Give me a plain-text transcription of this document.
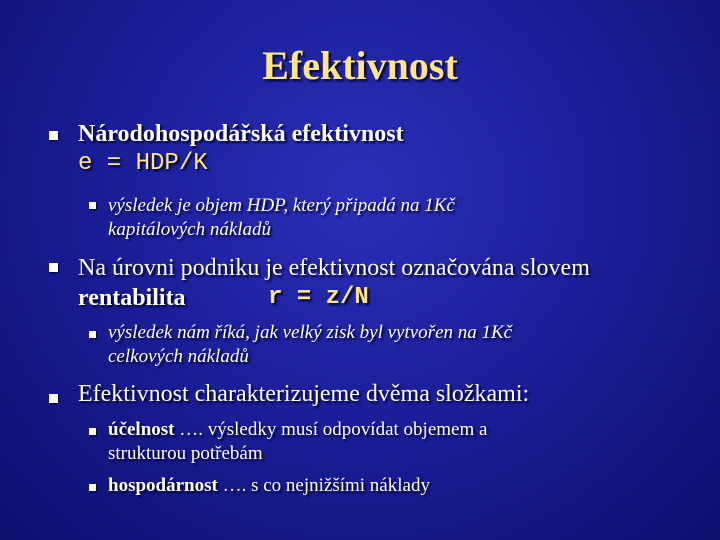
Efektivnost
Národohospodářská efektivnost
e = HDP/K
výsledek je objem HDP, který připadá na 1Kč
kapitálových nákladů
Na úrovni podniku je efektivnost označována slovem
rentabilita	r = z/N
výsledek nám říká, jak velký zisk byl vytvořen na 1Kč
celkových nákladů
Efektivnost charakterizujeme dvěma složkami:
účelnost …. výsledky musí odpovídat objemem a
strukturou potřebám
hospodárnost …. s co nejnižšími náklady
